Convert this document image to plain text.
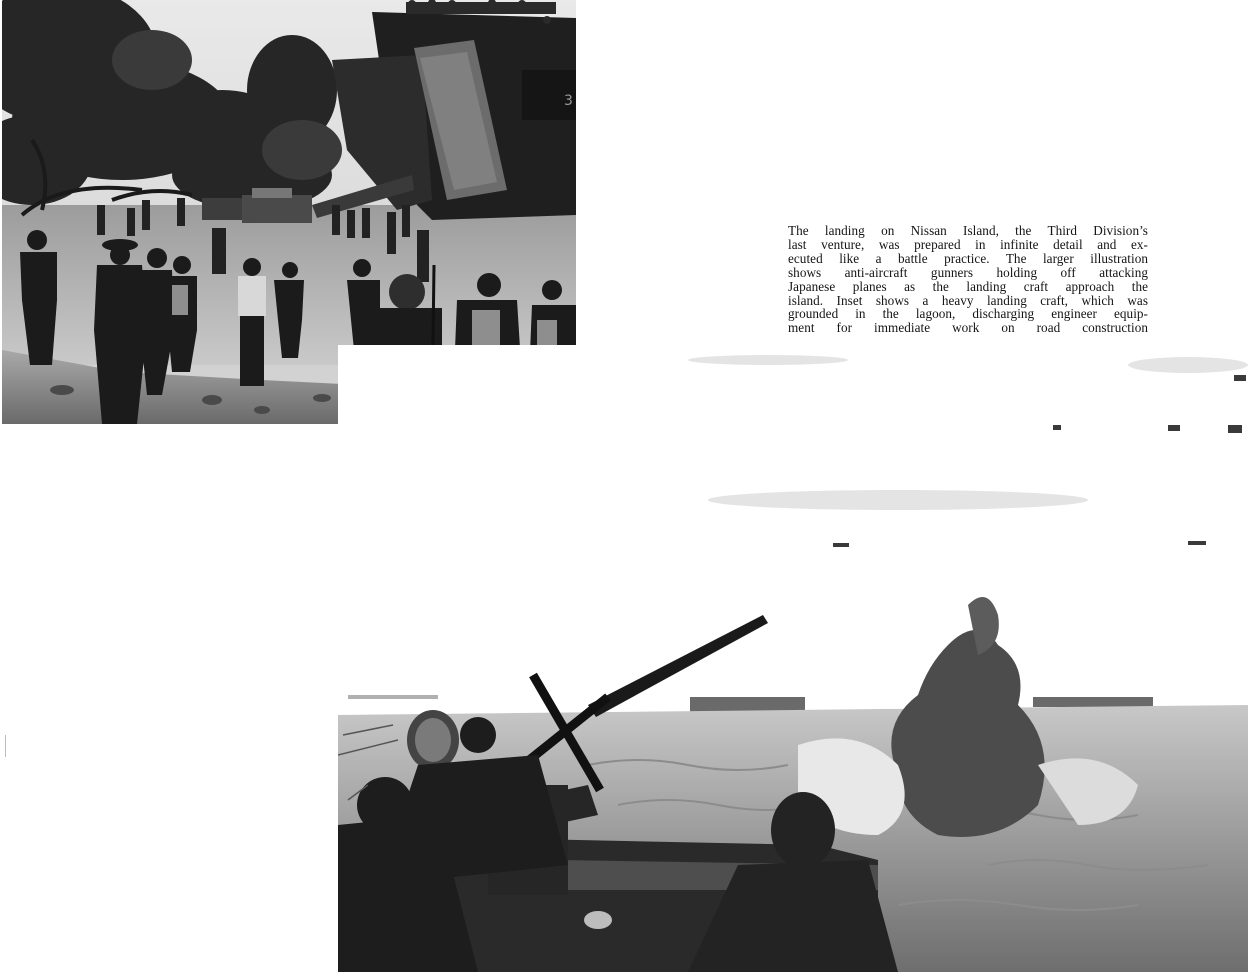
3

The landing on Nissan Island, the Third Division’s
last venture, was prepared in infinite detail and ex-
ecuted like a battle practice. The larger illustration
shows anti-aircraft gunners holding off attacking
Japanese planes as the landing craft approach the
island. Inset shows a heavy landing craft, which was
grounded in the lagoon, discharging engineer equip-
ment for immediate work on road construction
